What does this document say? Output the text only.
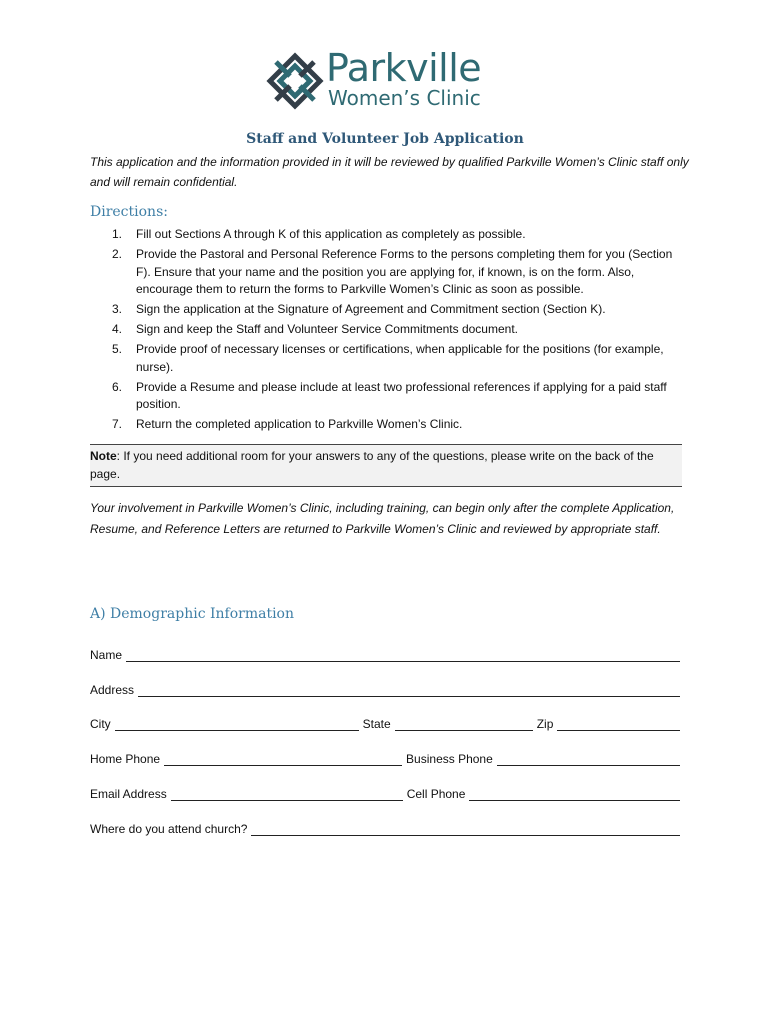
Parkville
Women’s Clinic
Staff and Volunteer Job Application
This application and the information provided in it will be reviewed by qualified Parkville Women’s Clinic staff only and will remain confidential.
Directions:
1. Fill out Sections A through K of this application as completely as possible.
2. Provide the Pastoral and Personal Reference Forms to the persons completing them for you (Section F). Ensure that your name and the position you are applying for, if known, is on the form. Also, encourage them to return the forms to Parkville Women’s Clinic as soon as possible.
3. Sign the application at the Signature of Agreement and Commitment section (Section K).
4. Sign and keep the Staff and Volunteer Service Commitments document.
5. Provide proof of necessary licenses or certifications, when applicable for the positions (for example, nurse).
6. Provide a Resume and please include at least two professional references if applying for a paid staff position.
7. Return the completed application to Parkville Women’s Clinic.
Note: If you need additional room for your answers to any of the questions, please write on the back of the page.
Your involvement in Parkville Women’s Clinic, including training, can begin only after the complete Application, Resume, and Reference Letters are returned to Parkville Women’s Clinic and reviewed by appropriate staff.
A) Demographic Information
Name
Address
City	State	Zip
Home Phone	Business Phone
Email Address	Cell Phone
Where do you attend church?
